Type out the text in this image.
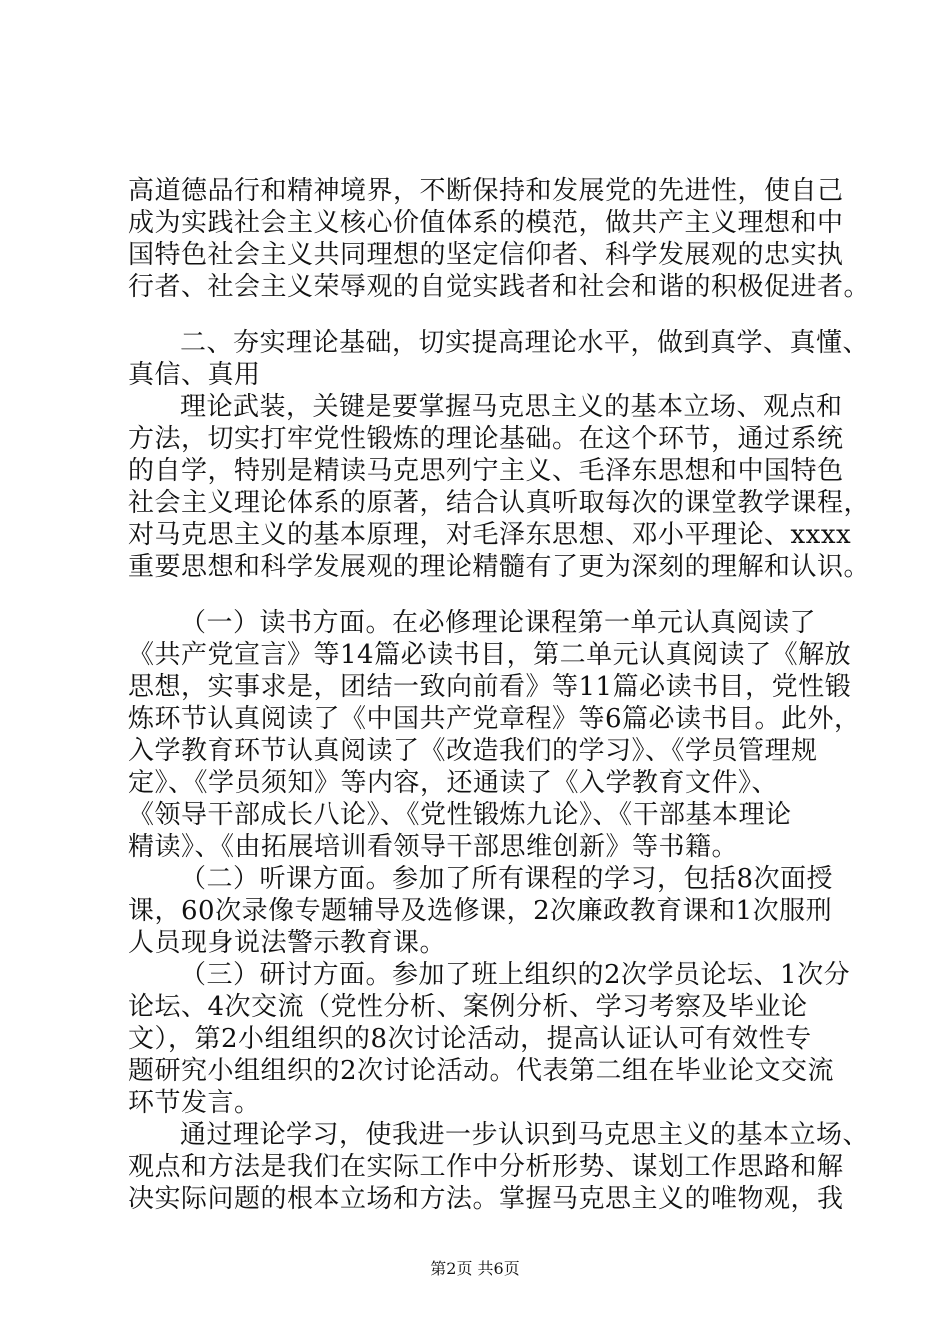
高道德品行和精神境界，不断保持和发展党的先进性，使自己
成为实践社会主义核心价值体系的模范，做共产主义理想和中
国特色社会主义共同理想的坚定信仰者、科学发展观的忠实执
行者、社会主义荣辱观的自觉实践者和社会和谐的积极促进者。
二、夯实理论基础，切实提高理论水平，做到真学、真懂、
真信、真用
理论武装，关键是要掌握马克思主义的基本立场、观点和
方法，切实打牢党性锻炼的理论基础。在这个环节，通过系统
的自学，特别是精读马克思列宁主义、毛泽东思想和中国特色
社会主义理论体系的原著，结合认真听取每次的课堂教学课程，
对马克思主义的基本原理，对毛泽东思想、邓小平理论、xxxx
重要思想和科学发展观的理论精髓有了更为深刻的理解和认识。
（一）读书方面。在必修理论课程第一单元认真阅读了
《共产党宣言》等14篇必读书目，第二单元认真阅读了《解放
思想，实事求是，团结一致向前看》等11篇必读书目，党性锻
炼环节认真阅读了《中国共产党章程》等6篇必读书目。此外，
入学教育环节认真阅读了《改造我们的学习》、《学员管理规
定》、《学员须知》等内容，还通读了《入学教育文件》、
《领导干部成长八论》、《党性锻炼九论》、《干部基本理论
精读》、《由拓展培训看领导干部思维创新》等书籍。
（二）听课方面。参加了所有课程的学习，包括8次面授
课，60次录像专题辅导及选修课，2次廉政教育课和1次服刑
人员现身说法警示教育课。
（三）研讨方面。参加了班上组织的2次学员论坛、1次分
论坛、4次交流（党性分析、案例分析、学习考察及毕业论
文），第2小组组织的8次讨论活动，提高认证认可有效性专
题研究小组组织的2次讨论活动。代表第二组在毕业论文交流
环节发言。
通过理论学习，使我进一步认识到马克思主义的基本立场、
观点和方法是我们在实际工作中分析形势、谋划工作思路和解
决实际问题的根本立场和方法。掌握马克思主义的唯物观，我
第2页 共6页
